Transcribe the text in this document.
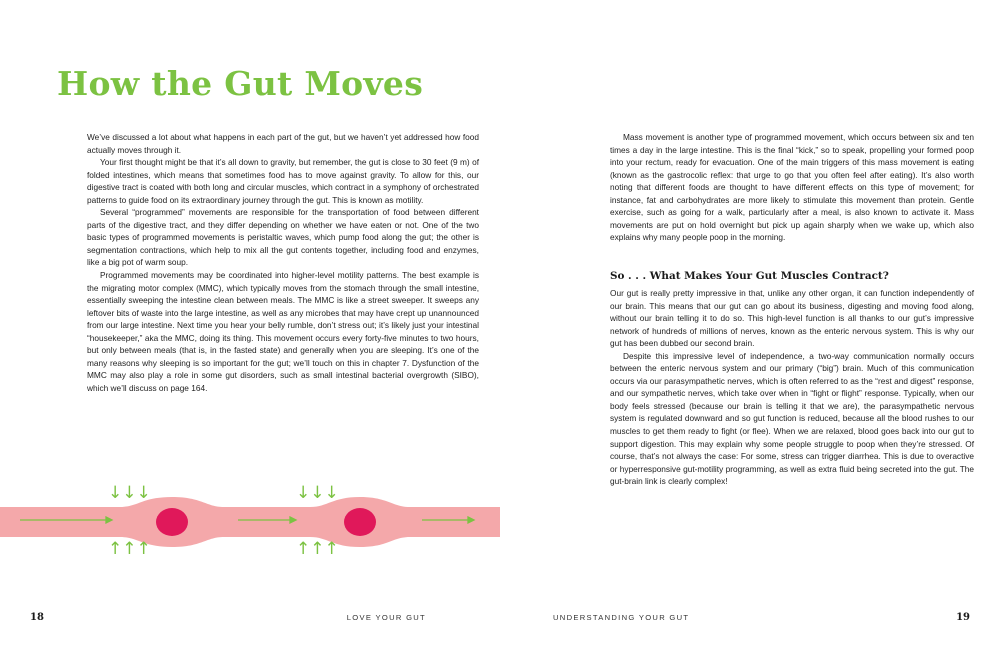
How the Gut Moves

We’ve discussed a lot about what happens in each part of the gut, but we haven’t yet addressed how food actually moves through it.

Your first thought might be that it’s all down to gravity, but remember, the gut is close to 30 feet (9 m) of folded intestines, which means that sometimes food has to move against gravity. To allow for this, our digestive tract is coated with both long and circular muscles, which contract in a symphony of orchestrated patterns to guide food on its extraordinary journey through the gut. This is known as motility.

Several “programmed” movements are responsible for the transportation of food between different parts of the digestive tract, and they differ depending on whether we have eaten or not. One of the two basic types of programmed movements is peristaltic waves, which pump food along the gut; the other is segmentation contractions, which help to mix all the gut contents together, including food and enzymes, like a big pot of warm soup.

Programmed movements may be coordinated into higher-level motility patterns. The best example is the migrating motor complex (MMC), which typically moves from the stomach through the small intestine, essentially sweeping the intestine clean between meals. The MMC is like a street sweeper. It sweeps any leftover bits of waste into the large intestine, as well as any microbes that may have crept up unannounced from our large intestine. Next time you hear your belly rumble, don’t stress out; it’s likely just your intestinal “housekeeper,” aka the MMC, doing its thing. This movement occurs every forty-five minutes to two hours, but only between meals (that is, in the fasted state) and generally when you are sleeping. It’s one of the many reasons why sleeping is so important for the gut; we’ll touch on this in chapter 7. Dysfunction of the MMC may also play a role in some gut disorders, such as small intestinal bacterial overgrowth (SIBO), which we’ll discuss on page 164.

↓↓↓
↑↑↑
↓↓↓
↑↑↑
18	LOVE YOUR GUT

Mass movement is another type of programmed movement, which occurs between six and ten times a day in the large intestine. This is the final “kick,” so to speak, propelling your formed poop into your rectum, ready for evacuation. One of the main triggers of this mass movement is eating (known as the gastrocolic reflex: that urge to go that you often feel after eating). It’s also worth noting that different foods are thought to have different effects on this type of movement; for instance, fat and carbohydrates are more likely to stimulate this movement than protein. Gentle exercise, such as going for a walk, particularly after a meal, is also known to activate it. Mass movements are put on hold overnight but pick up again sharply when we wake up, which also explains why many people poop in the morning.

So . . . What Makes Your Gut Muscles Contract?

Our gut is really pretty impressive in that, unlike any other organ, it can function independently of our brain. This means that our gut can go about its business, digesting and moving food along, without our brain telling it to do so. This high-level function is all thanks to our gut’s impressive network of hundreds of millions of nerves, known as the enteric nervous system. This is why our gut has been dubbed our second brain.

Despite this impressive level of independence, a two-way communication normally occurs between the enteric nervous system and our primary (“big”) brain. Much of this communication occurs via our parasympathetic nerves, which is often referred to as the “rest and digest” response, and our sympathetic nerves, which take over when in “fight or flight” response. Typically, when our body feels stressed (because our brain is telling it that we are), the parasympathetic nervous system is regulated downward and so gut function is reduced, because all the blood rushes to our muscles to get them ready to fight (or flee). When we are relaxed, blood goes back into our gut to support digestion. This may explain why some people struggle to poop when they’re stressed. Of course, that’s not always the case: For some, stress can trigger diarrhea. This is due to overactive or hyperresponsive gut-motility programming, as well as extra fluid being secreted into the gut. The gut-brain link is clearly complex!

UNDERSTANDING YOUR GUT	19
